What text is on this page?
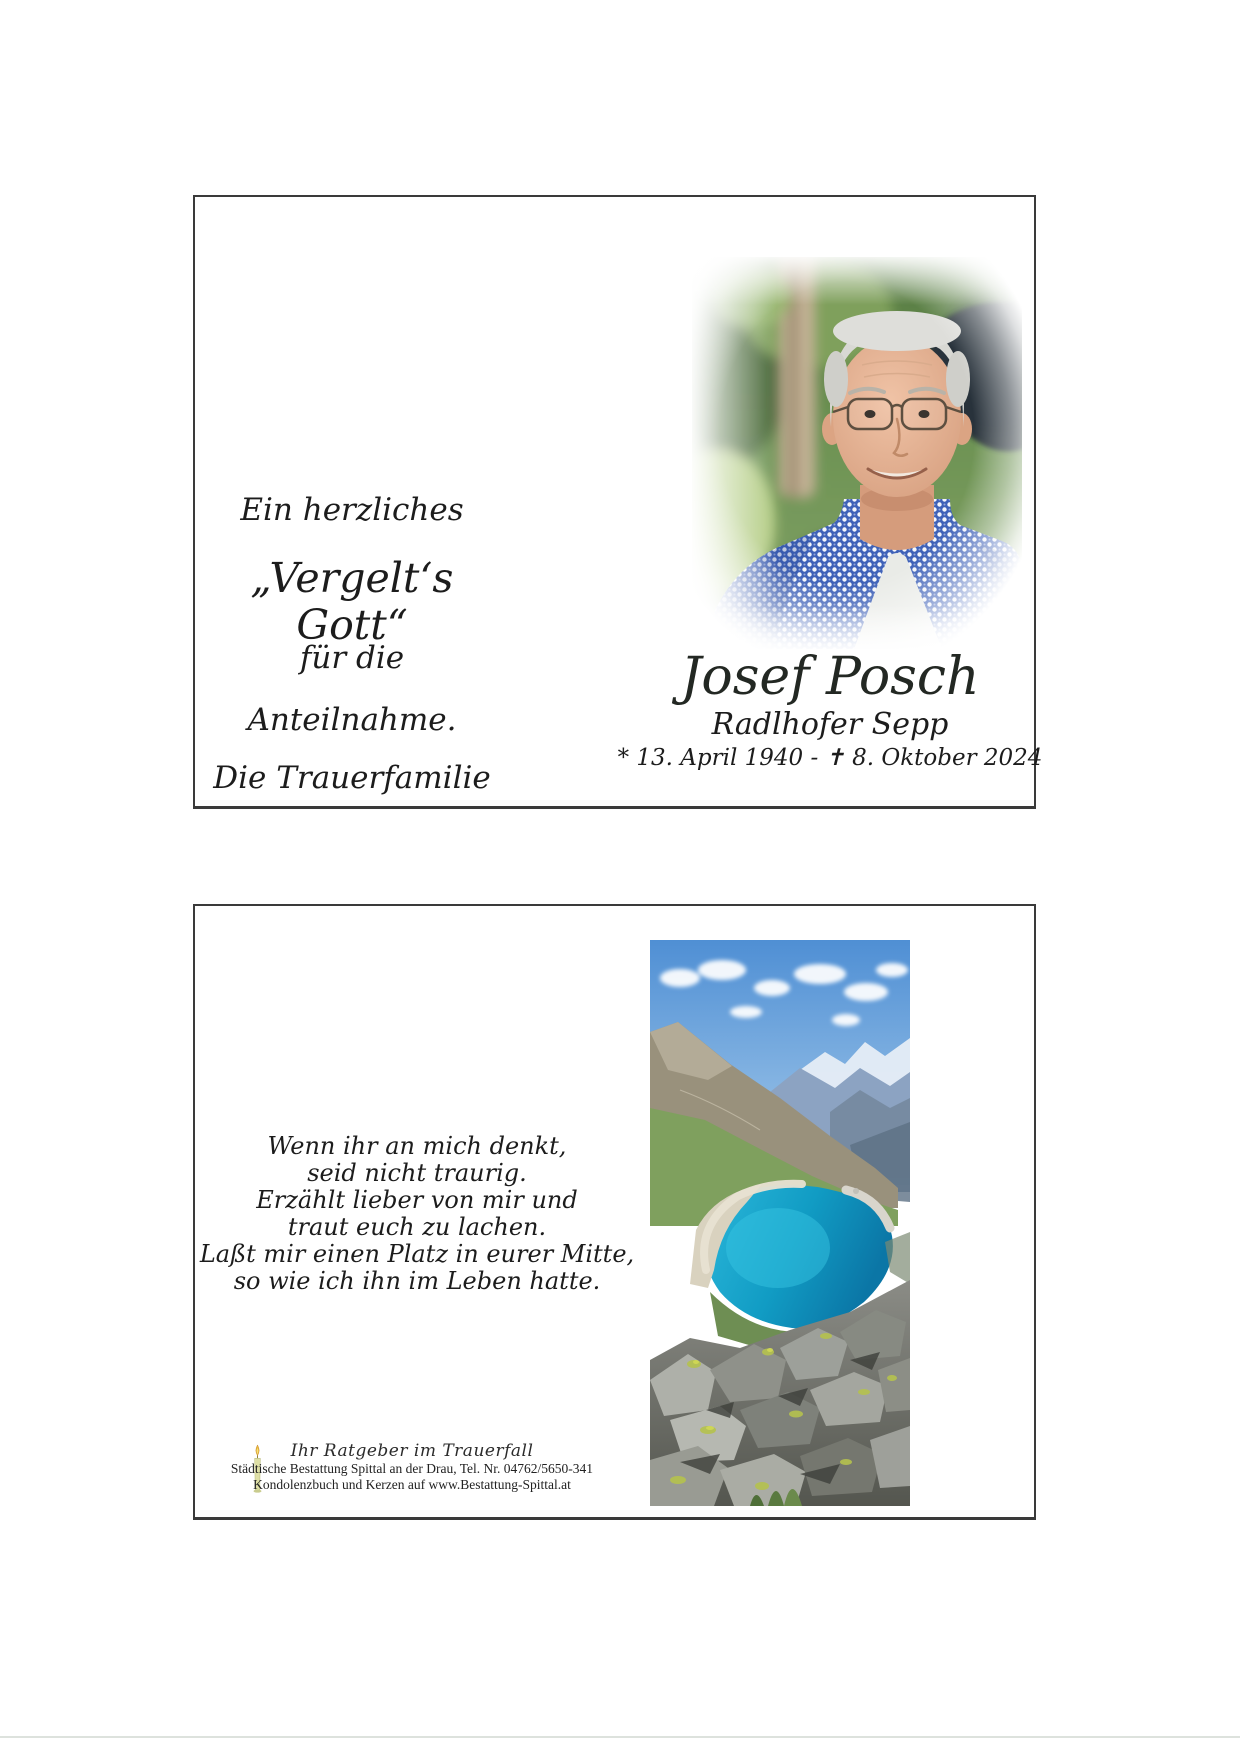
Ein herzliches
„Vergelt‘s Gott“
für die
Anteilnahme.
Die Trauerfamilie
Josef Posch
Radlhofer Sepp
* 13. April 1940 - ✝ 8. Oktober 2024
Wenn ihr an mich denkt,
seid nicht traurig.
Erzählt lieber von mir und
traut euch zu lachen.
Laßt mir einen Platz in eurer Mitte,
so wie ich ihn im Leben hatte.
Ihr Ratgeber im Trauerfall
Städtische Bestattung Spittal an der Drau, Tel. Nr. 04762/5650-341
Kondolenzbuch und Kerzen auf www.Bestattung-Spittal.at
